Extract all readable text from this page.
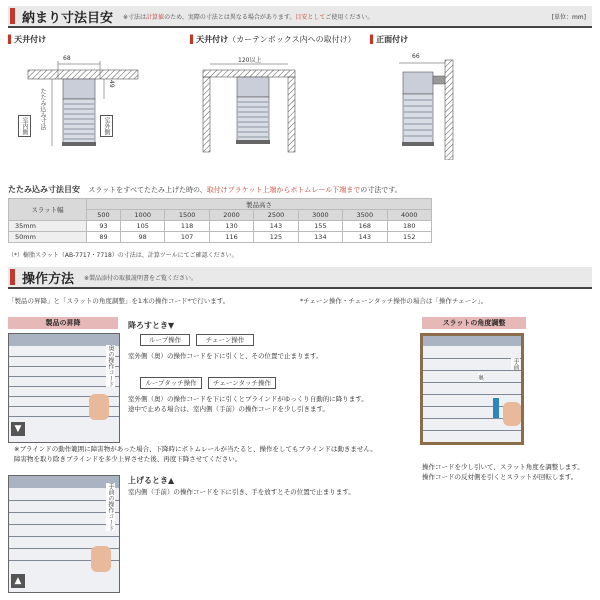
納まり寸法目安 ※寸法は計算値のため、実際の寸法とは異なる場合があります。目安としてご使用ください。	[単位：mm]
▌天井付け	▌天井付け（カーテンボックス内への取付け） ▌正面付け
68
49
たたみ込み寸法
室内側	室外側
120以上
66
たたみ込み寸法目安 スラットをすべてたたみ上げた時の、取付けブラケット上端からボトムレール下端までの寸法です。
スラット幅	製品高さ							
	500	1000	1500	2000	2500	3000	3500	4000
35mm	93	105	118	130	143	155	168	180
50mm	89	98	107	116	125	134	143	152
（*）樹脂スラット（AB-7717・7718）の寸法は、計算ツールにてご確認ください。
操作方法 ※製品添付の取扱説明書をご覧ください。
「製品の昇降」と「スラットの角度調整」を1本の操作コード*で行います。	*チェーン操作・チェーンタッチ操作の場合は「操作チェーン」。
製品の昇降
▼
奥の操作コード
降ろすとき▼
ループ操作	チェーン操作
室外側（奥）の操作コードを下に引くと、その位置で止まります。
ループタッチ操作	チェーンタッチ操作
室外側（奥）の操作コードを下に引くとブラインドがゆっくり自動的に降ります。
途中で止める場合は、室内側（手前）の操作コードを少し引きます。
※ブラインドの動作範囲に障害物があった場合、下降時にボトムレールが当たると、操作をしてもブラインドは動きません。
障害物を取り除きブラインドを多少上昇させた後、再度下降させてください。
▲
手前の操作コード
上げるとき▲
室内側（手前）の操作コードを下に引き、手を放すとその位置で止まります。
スラットの角度調整
奥
手前
操作コードを少し引いて、スラット角度を調整します。
操作コードの反対側を引くとスラットが回転します。
